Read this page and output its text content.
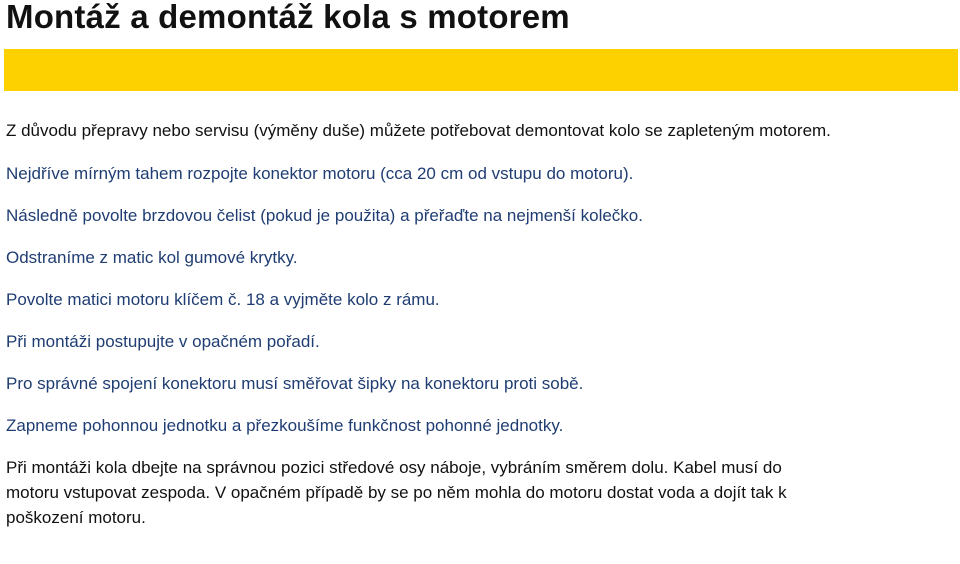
Montáž a demontáž kola s motorem

Z důvodu přepravy nebo servisu (výměny duše) můžete potřebovat demontovat kolo se zapleteným motorem.

Nejdříve mírným tahem rozpojte konektor motoru (cca 20 cm od vstupu do motoru).

Následně povolte brzdovou čelist (pokud je použita) a přeřaďte na nejmenší kolečko.

Odstraníme z matic kol gumové krytky.

Povolte matici motoru klíčem č. 18 a vyjměte kolo z rámu.

Při montáži postupujte v opačném pořadí.

Pro správné spojení konektoru musí směřovat šipky na konektoru proti sobě.

Zapneme pohonnou jednotku a přezkoušíme funkčnost pohonné jednotky.

Při montáži kola dbejte na správnou pozici středové osy náboje, vybráním směrem dolu. Kabel musí do

motoru vstupovat zespoda. V opačném případě by se po něm mohla do motoru dostat voda a dojít tak k

poškození motoru.
